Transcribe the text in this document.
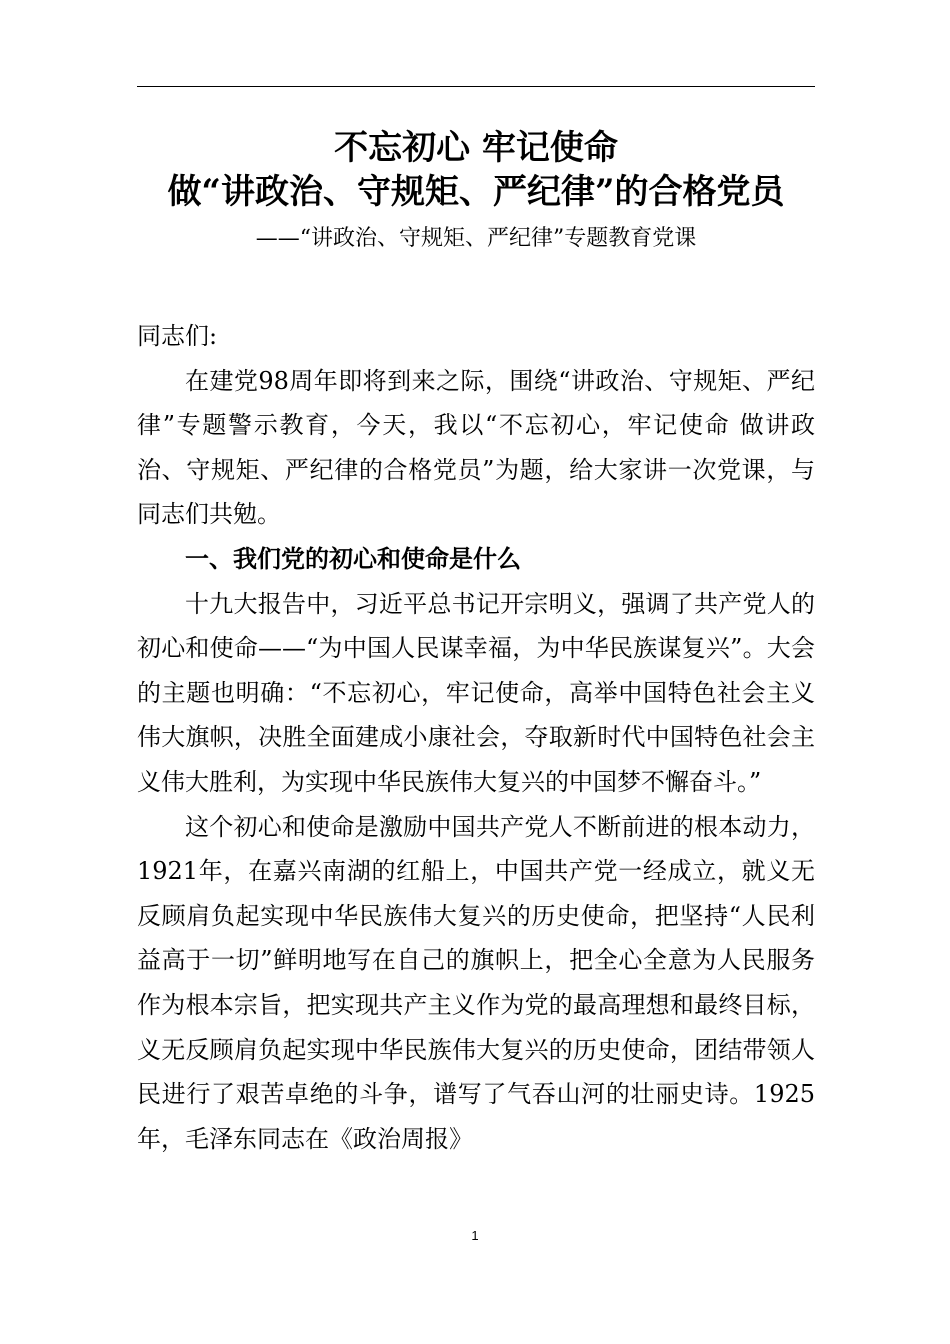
不忘初心 牢记使命
做“讲政治、守规矩、严纪律”的合格党员
——“讲政治、守规矩、严纪律”专题教育党课

同志们:

在建党98周年即将到来之际，围绕“讲政治、守规矩、严纪律”专题警示教育，今天，我以“不忘初心，牢记使命 做讲政治、守规矩、严纪律的合格党员”为题，给大家讲一次党课，与同志们共勉。

一、我们党的初心和使命是什么

十九大报告中，习近平总书记开宗明义，强调了共产党人的初心和使命——“为中国人民谋幸福，为中华民族谋复兴”。大会的主题也明确：“不忘初心，牢记使命，高举中国特色社会主义伟大旗帜，决胜全面建成小康社会，夺取新时代中国特色社会主义伟大胜利，为实现中华民族伟大复兴的中国梦不懈奋斗。”

这个初心和使命是激励中国共产党人不断前进的根本动力，1921年，在嘉兴南湖的红船上，中国共产党一经成立，就义无反顾肩负起实现中华民族伟大复兴的历史使命，把坚持“人民利益高于一切”鲜明地写在自己的旗帜上，把全心全意为人民服务作为根本宗旨，把实现共产主义作为党的最高理想和最终目标，义无反顾肩负起实现中华民族伟大复兴的历史使命，团结带领人民进行了艰苦卓绝的斗争，谱写了气吞山河的壮丽史诗。1925年，毛泽东同志在《政治周报》

1
